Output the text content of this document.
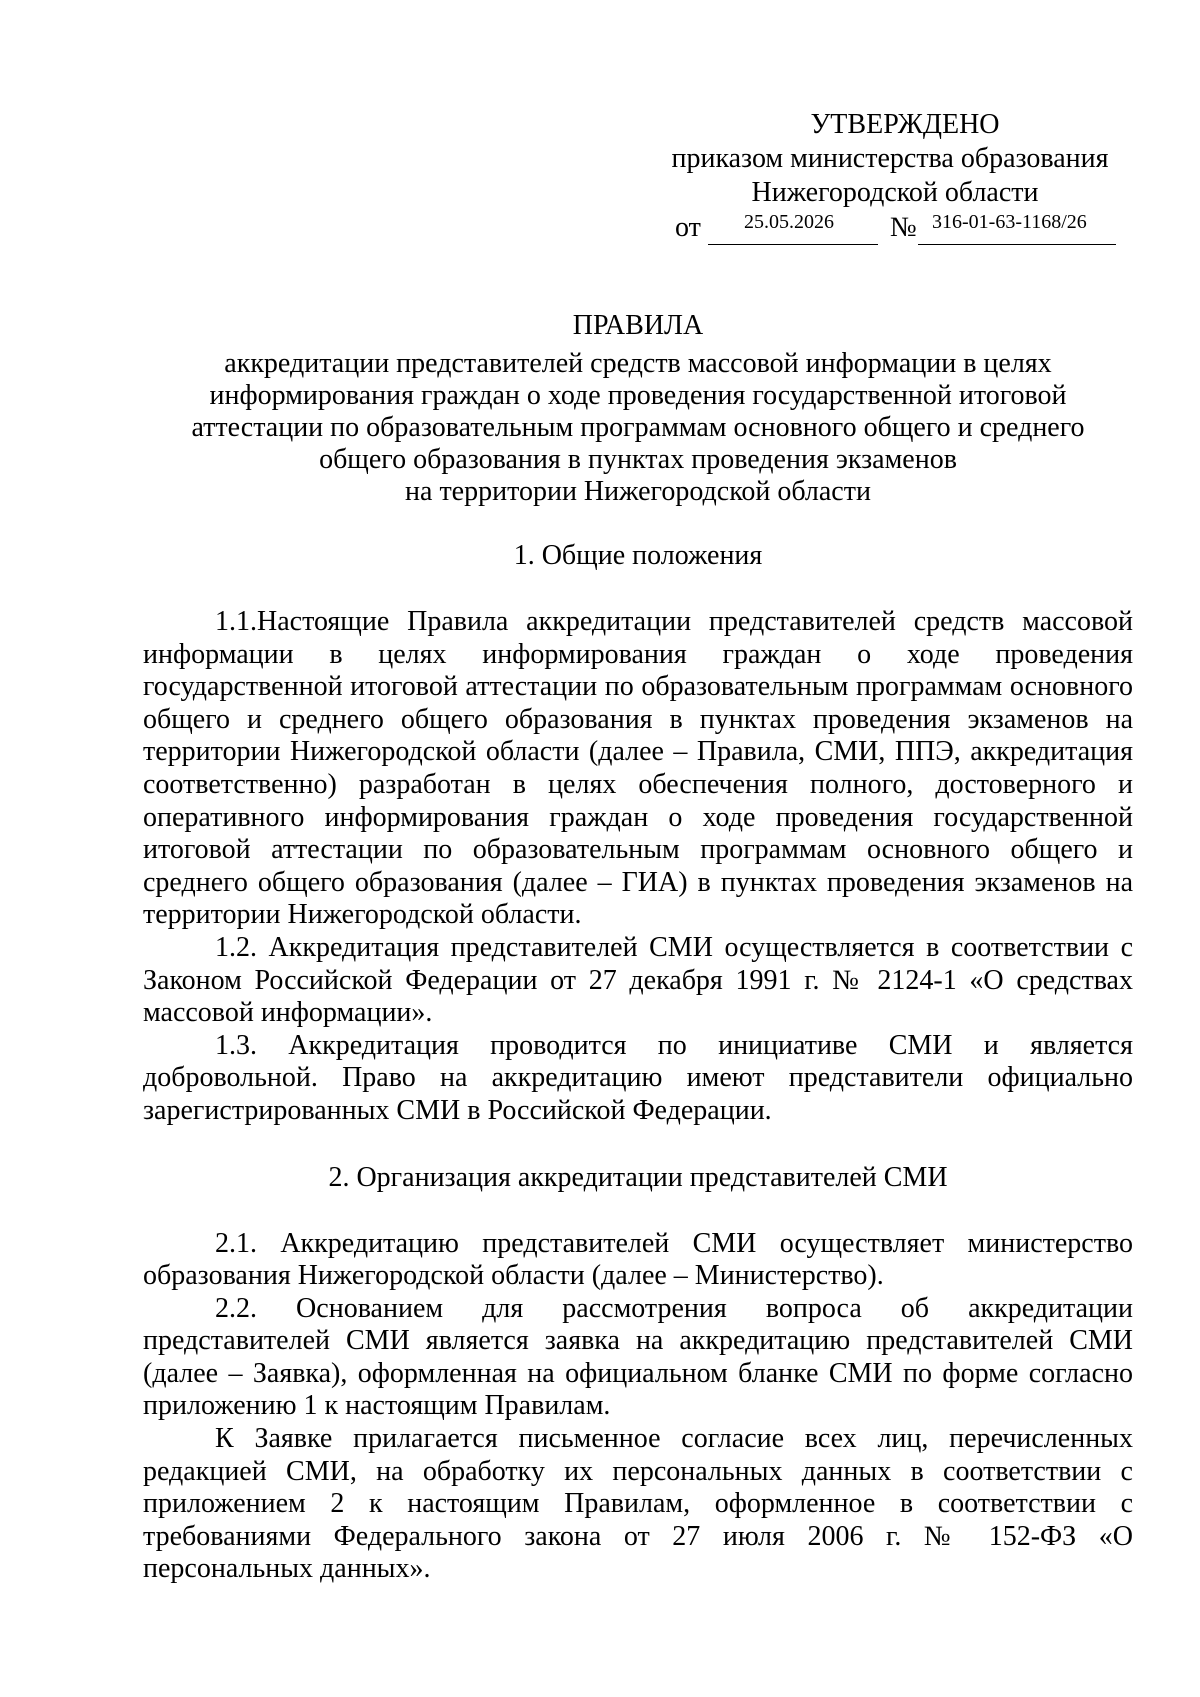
УТВЕРЖДЕНО
приказом министерства образования
Нижегородской области
от 25.05.2026 № 316-01-63-1168/26

ПРАВИЛА

аккредитации представителей средств массовой информации в целях
информирования граждан о ходе проведения государственной итоговой
аттестации по образовательным программам основного общего и среднего
общего образования в пунктах проведения экзаменов
на территории Нижегородской области

1. Общие положения

1.1.Настоящие Правила аккредитации представителей средств массовой информации в целях информирования граждан о ходе проведения государственной итоговой аттестации по образовательным программам основного общего и среднего общего образования в пунктах проведения экзаменов на территории Нижегородской области (далее – Правила, СМИ, ППЭ, аккредитация соответственно) разработан в целях обеспечения полного, достоверного и оперативного информирования граждан о ходе проведения государственной итоговой аттестации по образовательным программам основного общего и среднего общего образования (далее – ГИА) в пунктах проведения экзаменов на территории Нижегородской области.

1.2. Аккредитация представителей СМИ осуществляется в соответствии с Законом Российской Федерации от 27 декабря 1991 г. № 2124-1 «О средствах массовой информации».

1.3. Аккредитация проводится по инициативе СМИ и является добровольной. Право на аккредитацию имеют представители официально зарегистрированных СМИ в Российской Федерации.

2. Организация аккредитации представителей СМИ

2.1. Аккредитацию представителей СМИ осуществляет министерство образования Нижегородской области (далее – Министерство).

2.2. Основанием для рассмотрения вопроса об аккредитации представителей СМИ является заявка на аккредитацию представителей СМИ (далее – Заявка), оформленная на официальном бланке СМИ по форме согласно приложению 1 к настоящим Правилам.

К Заявке прилагается письменное согласие всех лиц, перечисленных редакцией СМИ, на обработку их персональных данных в соответствии с приложением 2 к настоящим Правилам, оформленное в соответствии с требованиями Федерального закона от 27 июля 2006 г. № 152-ФЗ «О персональных данных».
